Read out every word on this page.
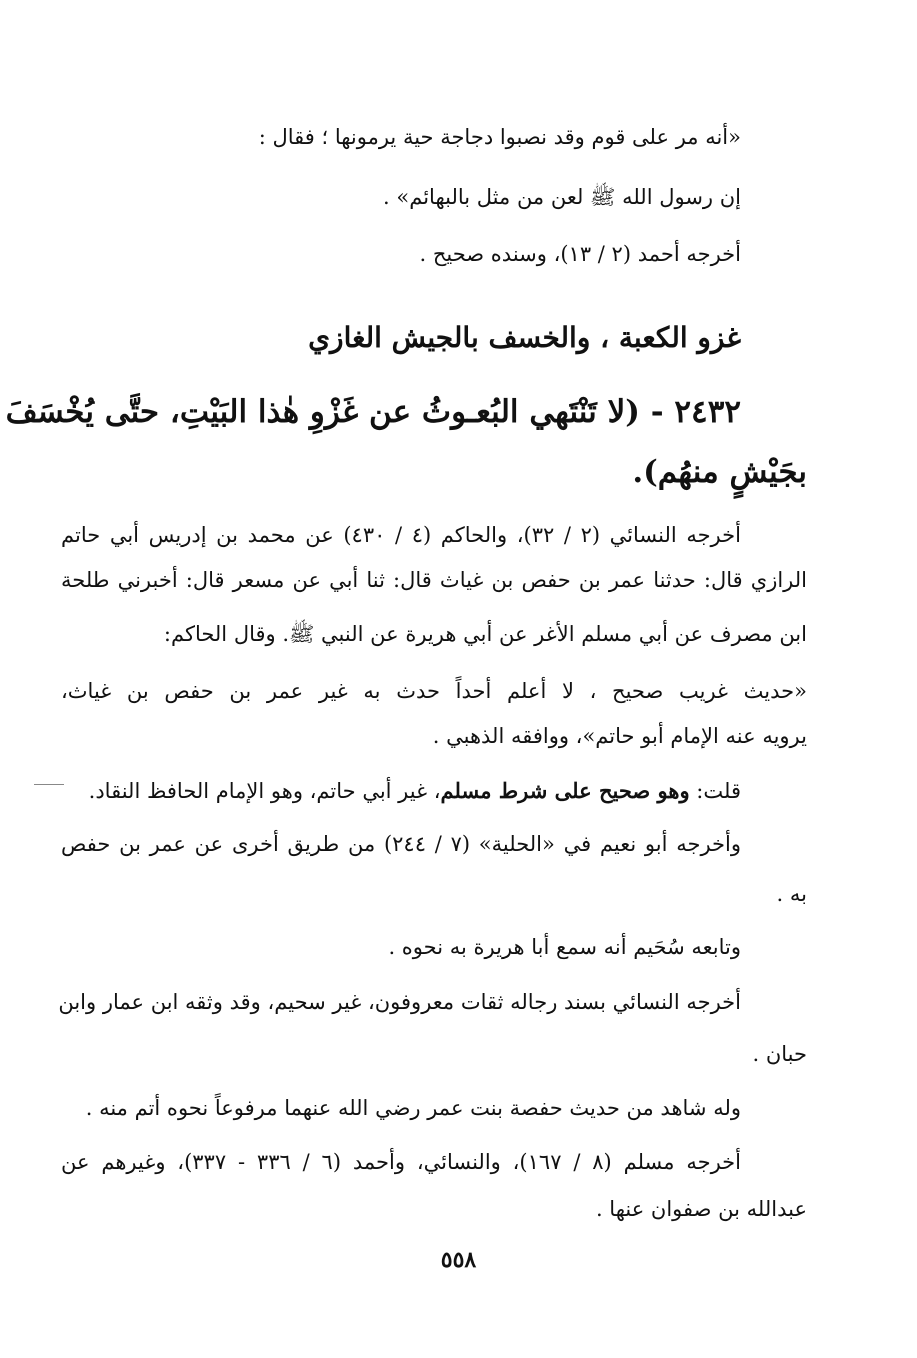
«أنه مر على قوم وقد نصبوا دجاجة حية يرمونها ؛ فقال :
إن رسول الله ﷺ لعن من مثل بالبهائم» .
أخرجه أحمد (٢ / ١٣)، وسنده صحيح .
غزو الكعبة ، والخسف بالجيش الغازي
٢٤٣٢ - (لا تَنْتَهي البُعـوثُ عن غَزْوِ هٰذا البَيْتِ، حتَّى يُخْسَفَ
بجَيْشٍ منهُم).
أخرجه النسائي (٢ / ٣٢)، والحاكم (٤ / ٤٣٠) عن محمد بن إدريس أبي حاتم
الرازي قال: حدثنا عمر بن حفص بن غياث قال: ثنا أبي عن مسعر قال: أخبرني طلحة
ابن مصرف عن أبي مسلم الأغر عن أبي هريرة عن النبي ﷺ. وقال الحاكم:
«حديث غريب صحيح ، لا أعلم أحداً حدث به غير عمر بن حفص بن غياث،
يرويه عنه الإمام أبو حاتم»، ووافقه الذهبي .
قلت: وهو صحيح على شرط مسلم، غير أبي حاتم، وهو الإمام الحافظ النقاد.
وأخرجه أبو نعيم في «الحلية» (٧ / ٢٤٤) من طريق أخرى عن عمر بن حفص
به .
وتابعه سُحَيم أنه سمع أبا هريرة به نحوه .
أخرجه النسائي بسند رجاله ثقات معروفون، غير سحيم، وقد وثقه ابن عمار وابن
حبان .
وله شاهد من حديث حفصة بنت عمر رضي الله عنهما مرفوعاً نحوه أتم منه .
أخرجه مسلم (٨ / ١٦٧)، والنسائي، وأحمد (٦ / ٣٣٦ - ٣٣٧)، وغيرهم عن
عبدالله بن صفوان عنها .
٥٥٨
